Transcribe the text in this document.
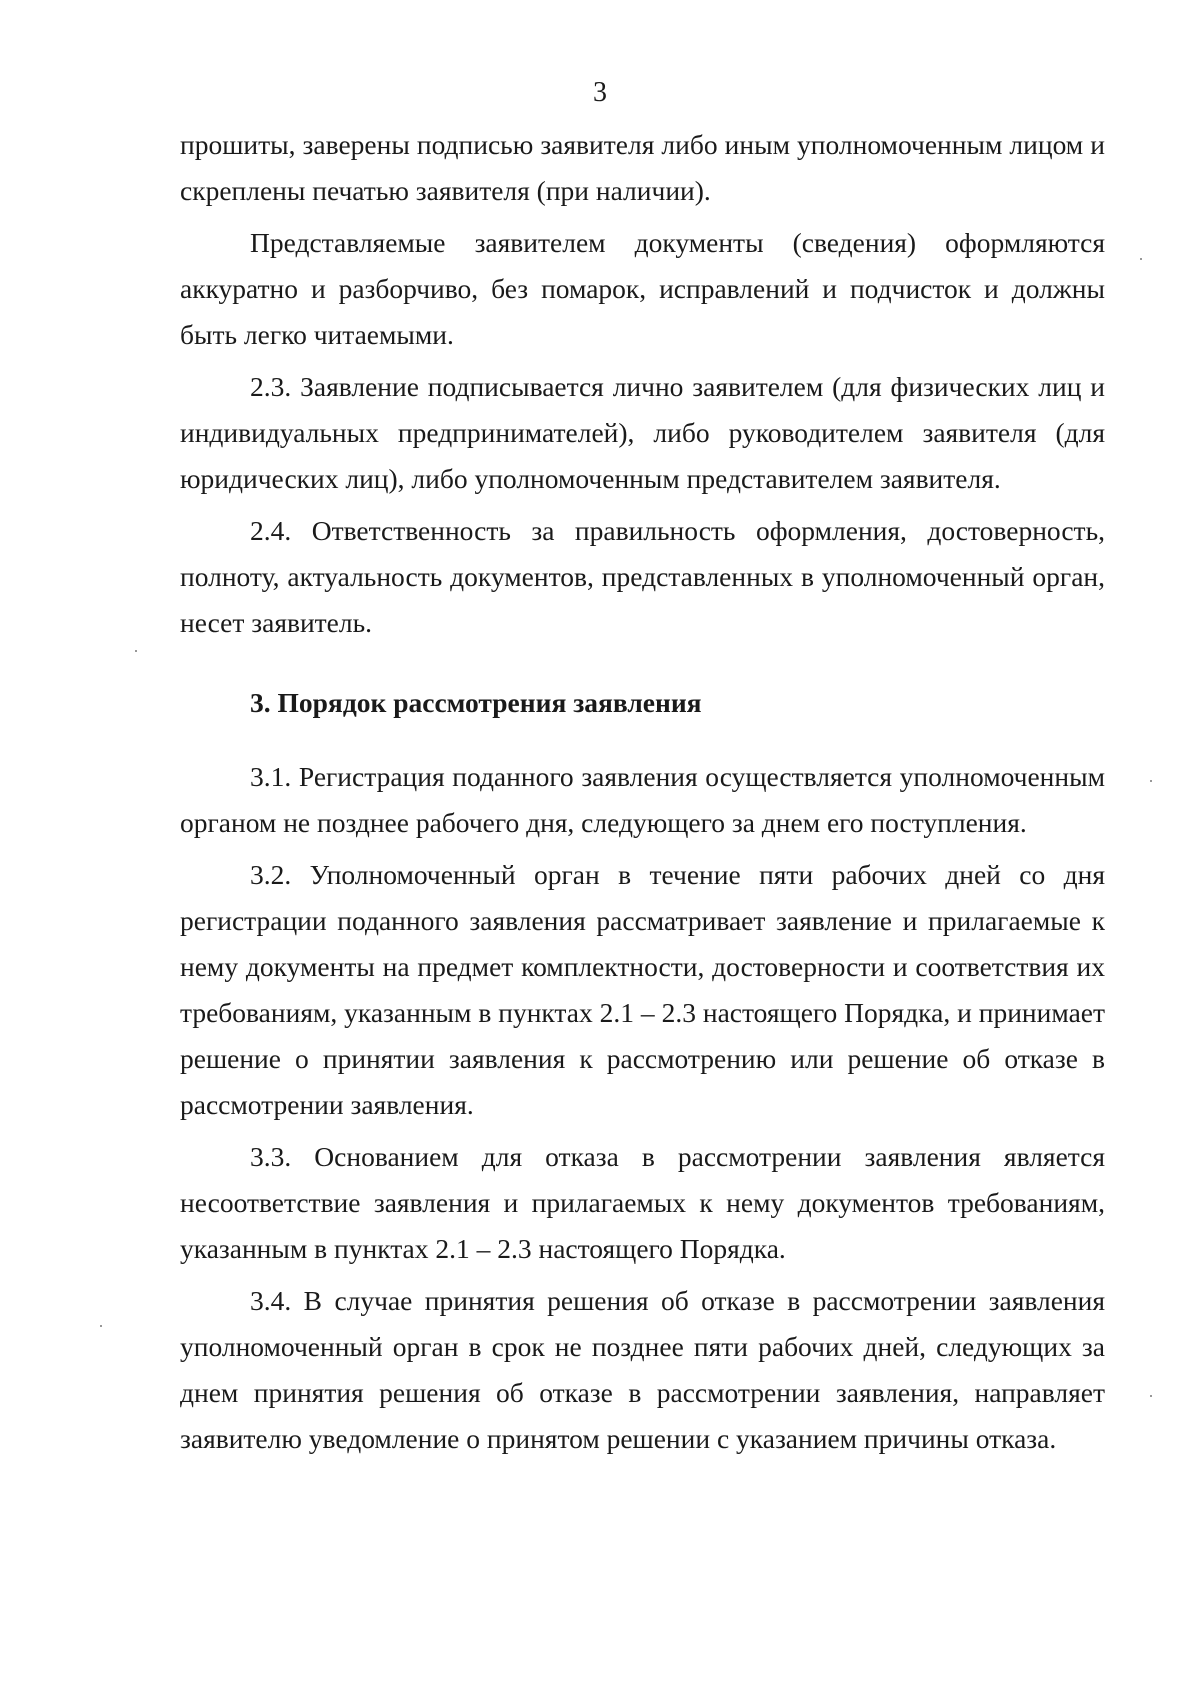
3

прошиты, заверены подписью заявителя либо иным уполномоченным лицом и скреплены печатью заявителя (при наличии).

Представляемые заявителем документы (сведения) оформляются аккуратно и разборчиво, без помарок, исправлений и подчисток и должны быть легко читаемыми.

2.3. Заявление подписывается лично заявителем (для физических лиц и индивидуальных предпринимателей), либо руководителем заявителя (для юридических лиц), либо уполномоченным представителем заявителя.

2.4. Ответственность за правильность оформления, достоверность, полноту, актуальность документов, представленных в уполномоченный орган, несет заявитель.

3. Порядок рассмотрения заявления

3.1. Регистрация поданного заявления осуществляется уполномоченным органом не позднее рабочего дня, следующего за днем его поступления.

3.2. Уполномоченный орган в течение пяти рабочих дней со дня регистрации поданного заявления рассматривает заявление и прилагаемые к нему документы на предмет комплектности, достоверности и соответствия их требованиям, указанным в пунктах 2.1 – 2.3 настоящего Порядка, и принимает решение о принятии заявления к рассмотрению или решение об отказе в рассмотрении заявления.

3.3. Основанием для отказа в рассмотрении заявления является несоответствие заявления и прилагаемых к нему документов требованиям, указанным в пунктах 2.1 – 2.3 настоящего Порядка.

3.4. В случае принятия решения об отказе в рассмотрении заявления уполномоченный орган в срок не позднее пяти рабочих дней, следующих за днем принятия решения об отказе в рассмотрении заявления, направляет заявителю уведомление о принятом решении с указанием причины отказа.
